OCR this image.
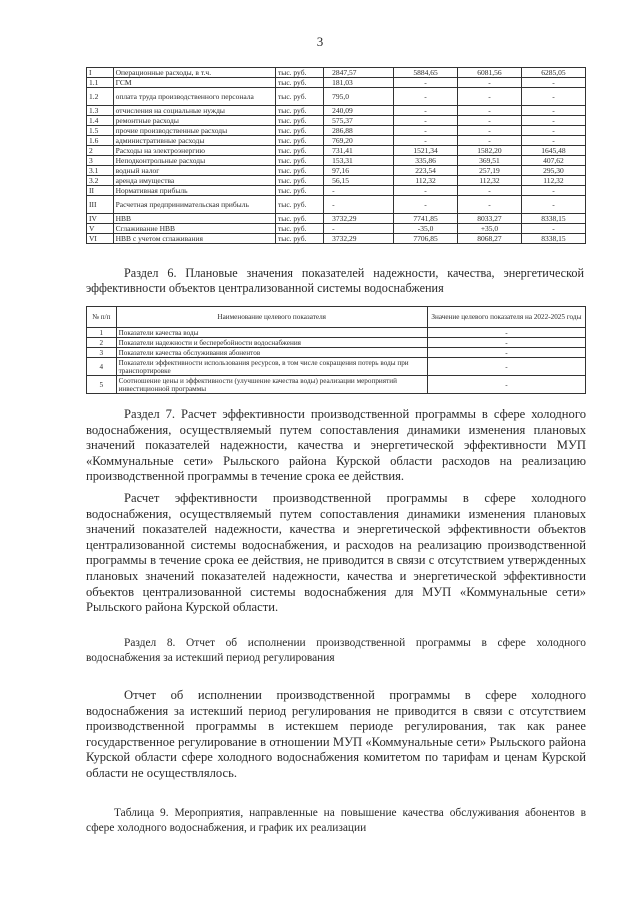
3
I	Операционные расходы, в т.ч.	тыс. руб.	2847,57	5884,65	6081,56	6285,05
1.1	ГСМ	тыс. руб.	181,03	-	-	-
1.2	оплата труда производственного персонала	тыс. руб.	795,0	-	-	-
1.3	отчисления на социальные нужды	тыс. руб.	240,09	-	-	-
1.4	ремонтные расходы	тыс. руб.	575,37	-	-	-
1.5	прочие производственные расходы	тыс. руб.	286,88	-	-	-
1.6	административные расходы	тыс. руб.	769,20	-	-	-
2	Расходы на электроэнергию	тыс. руб.	731,41	1521,34	1582,20	1645,48
3	Неподконтрольные расходы	тыс. руб.	153,31	335,86	369,51	407,62
3.1	водный налог	тыс. руб.	97,16	223,54	257,19	295,30
3.2	аренда имущества	тыс. руб.	56,15	112,32	112,32	112,32
II	Нормативная прибыль	тыс. руб.	-	-	-	-
III	Расчетная предпринимательская прибыль	тыс. руб.	-	-	-	-
IV	НВВ	тыс. руб.	3732,29	7741,85	8033,27	8338,15
V	Сглаживание НВВ	тыс. руб.	-	-35,0	+35,0	-
VI	НВВ с учетом сглаживания	тыс. руб.	3732,29	7706,85	8068,27	8338,15
Раздел 6. Плановые значения показателей надежности, качества, энергетической эффективности объектов централизованной системы водоснабжения
№ п/п	Наименование целевого показателя	Значение целевого показателя на 2022-2025 годы
1	Показатели качества воды	-
2	Показатели надежности и бесперебойности водоснабжения	-
3	Показатели качества обслуживания абонентов	-
4	Показатели эффективности использования ресурсов, в том числе сокращения потерь воды при транспортировке	-
5	Соотношение цены и эффективности (улучшение качества воды) реализации мероприятий инвестиционной программы	-
Раздел 7. Расчет эффективности производственной программы в сфере холодного водоснабжения, осуществляемый путем сопоставления динамики изменения плановых значений показателей надежности, качества и энергетической эффективности МУП «Коммунальные сети» Рыльского района Курской области расходов на реализацию производственной программы в течение срока ее действия.
Расчет эффективности производственной программы в сфере холодного водоснабжения, осуществляемый путем сопоставления динамики изменения плановых значений показателей надежности, качества и энергетической эффективности объектов централизованной системы водоснабжения, и расходов на реализацию производственной программы в течение срока ее действия, не приводится в связи с отсутствием утвержденных плановых значений показателей надежности, качества и энергетической эффективности объектов централизованной системы водоснабжения для МУП «Коммунальные сети» Рыльского района Курской области.
Раздел 8. Отчет об исполнении производственной программы в сфере холодного водоснабжения за истекший период регулирования
Отчет об исполнении производственной программы в сфере холодного водоснабжения за истекший период регулирования не приводится в связи с отсутствием производственной программы в истекшем периоде регулирования, так как ранее государственное регулирование в отношении МУП «Коммунальные сети» Рыльского района Курской области сфере холодного водоснабжения комитетом по тарифам и ценам Курской области не осуществлялось.
Таблица 9. Мероприятия, направленные на повышение качества обслуживания абонентов в сфере холодного водоснабжения, и график их реализации
